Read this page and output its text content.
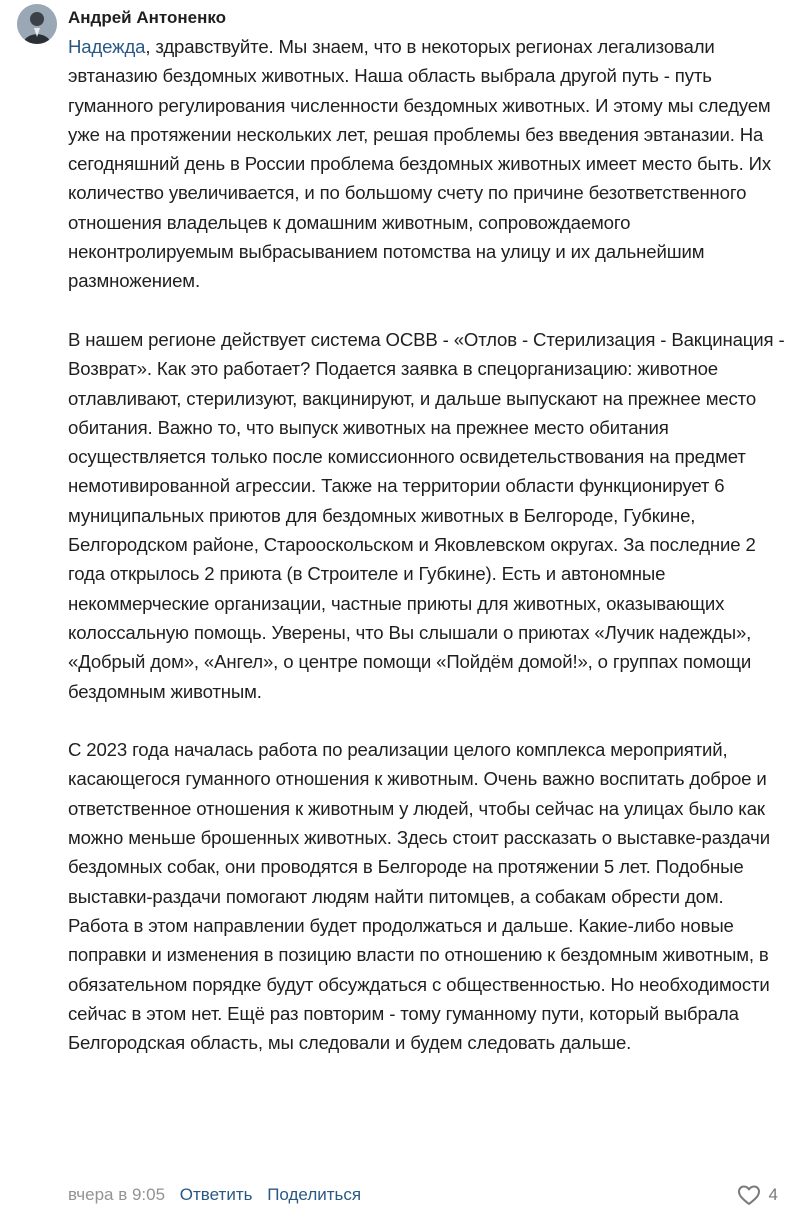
Андрей Антоненко

Надежда, здравствуйте. Мы знаем, что в некоторых регионах легализовали эвтаназию бездомных животных. Наша область выбрала другой путь - путь гуманного регулирования численности бездомных животных. И этому мы следуем уже на протяжении нескольких лет, решая проблемы без введения эвтаназии. На сегодняшний день в России проблема бездомных животных имеет место быть. Их количество увеличивается, и по большому счету по причине безответственного отношения владельцев к домашним животным, сопровождаемого неконтролируемым выбрасыванием потомства на улицу и их дальнейшим размножением.

В нашем регионе действует система ОСВВ - «Отлов - Стерилизация - Вакцинация - Возврат». Как это работает? Подается заявка в спецорганизацию: животное отлавливают, стерилизуют, вакцинируют, и дальше выпускают на прежнее место обитания. Важно то, что выпуск животных на прежнее место обитания осуществляется только после комиссионного освидетельствования на предмет немотивированной агрессии. Также на территории области функционирует 6 муниципальных приютов для бездомных животных в Белгороде, Губкине, Белгородском районе, Старооскольском и Яковлевском округах. За последние 2 года открылось 2 приюта (в Строителе и Губкине). Есть и автономные некоммерческие организации, частные приюты для животных, оказывающих колоссальную помощь. Уверены, что Вы слышали о приютах «Лучик надежды», «Добрый дом», «Ангел», о центре помощи «Пойдём домой!», о группах помощи бездомным животным.

С 2023 года началась работа по реализации целого комплекса мероприятий, касающегося гуманного отношения к животным. Очень важно воспитать доброе и ответственное отношения к животным у людей, чтобы сейчас на улицах было как можно меньше брошенных животных. Здесь стоит рассказать о выставке-раздачи бездомных собак, они проводятся в Белгороде на протяжении 5 лет. Подобные выставки-раздачи помогают людям найти питомцев, а собакам обрести дом. Работа в этом направлении будет продолжаться и дальше. Какие-либо новые поправки и изменения в позицию власти по отношению к бездомным животным, в обязательном порядке будут обсуждаться с общественностью. Но необходимости сейчас в этом нет. Ещё раз повторим - тому гуманному пути, который выбрала Белгородская область, мы следовали и будем следовать дальше.

вчера в 9:05 Ответить Поделиться	4
